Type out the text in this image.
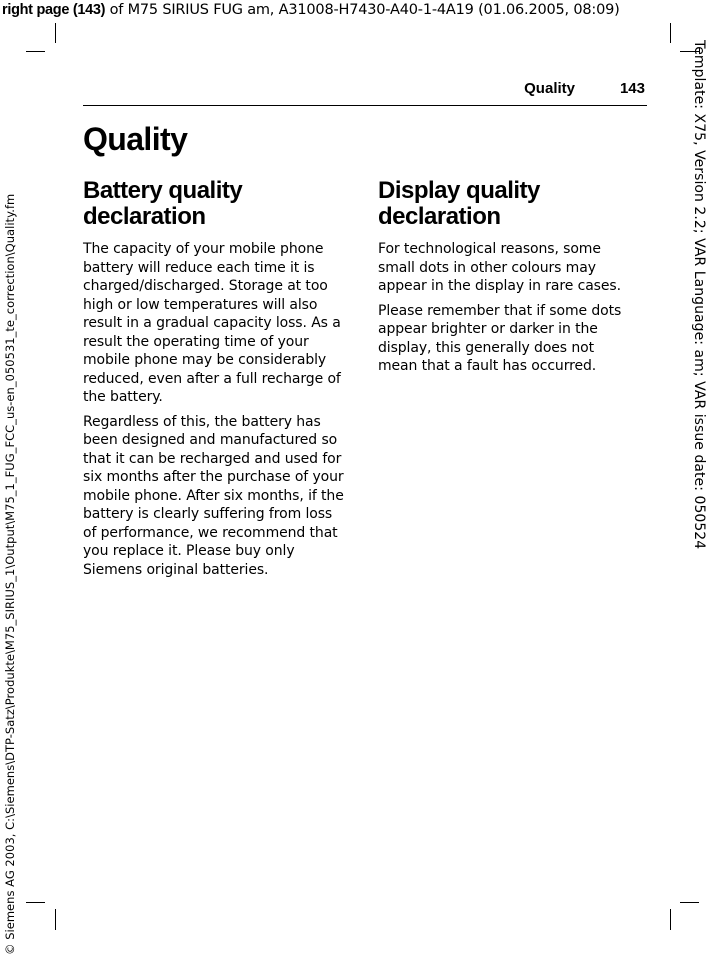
right page (143) of M75 SIRIUS FUG am, A31008-H7430-A40-1-4A19 (01.06.2005, 08:09)
Template: X75, Version 2.2; VAR Language: am; VAR issue date: 050524
© Siemens AG 2003, C:\Siemens\DTP-Satz\Produkte\M75_SIRIUS_1\Output\M75_1_FUG_FCC_us-en_050531_te_correction\Quality.fm
Quality	143
Quality
Battery quality declaration

The capacity of your mobile phone battery will reduce each time it is charged/discharged. Storage at too high or low temperatures will also result in a gradual capacity loss. As a result the operating time of your mobile phone may be considerably reduced, even after a full recharge of the battery.

Regardless of this, the battery has been designed and manufactured so that it can be recharged and used for six months after the purchase of your mobile phone. After six months, if the battery is clearly suffering from loss of performance, we recommend that you replace it. Please buy only Siemens original batteries.

Display quality declaration

For technological reasons, some small dots in other colours may appear in the display in rare cases.

Please remember that if some dots appear brighter or darker in the display, this generally does not mean that a fault has occurred.
